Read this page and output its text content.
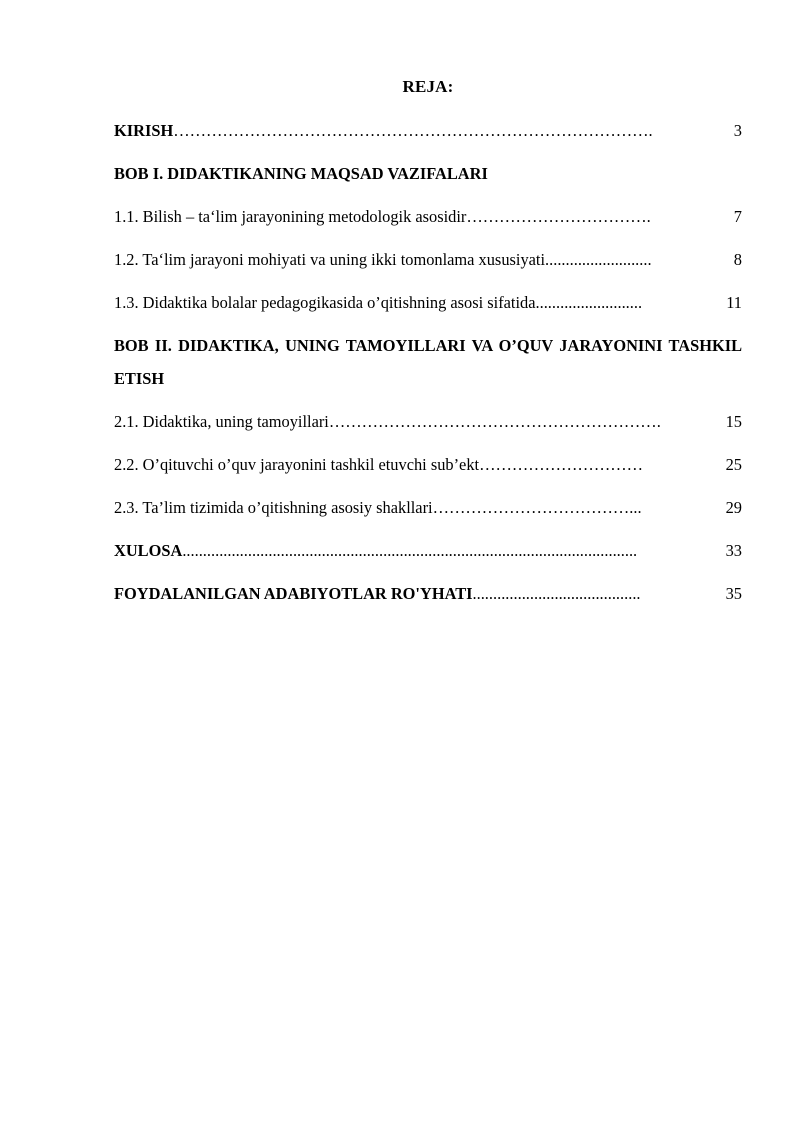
REJA:
KIRISH…………………………………………………………………………….	3
BOB I. DIDAKTIKANING MAQSAD VAZIFALARI
1.1. Bilish – ta‘lim jarayonining metodologik asosidir…………………………….	7
1.2. Ta‘lim jarayoni mohiyati va uning ikki tomonlama xususiyati..........................	8
1.3. Didaktika bolalar pedagogikasida o’qitishning asosi sifatida..........................	11
BOB II. DIDAKTIKA, UNING TAMOYILLARI VA O’QUV JARAYONINI TASHKIL ETISH
2.1. Didaktika, uning tamoyillari…………………………………………………….	15
2.2. O’qituvchi o’quv jarayonini tashkil etuvchi sub’ekt…………………………	25
2.3. Ta’lim tizimida o’qitishning asosiy shakllari………………………………...	29
XULOSA...............................................................................................................	33
FOYDALANILGAN ADABIYOTLAR RO'YHATI.........................................	35
